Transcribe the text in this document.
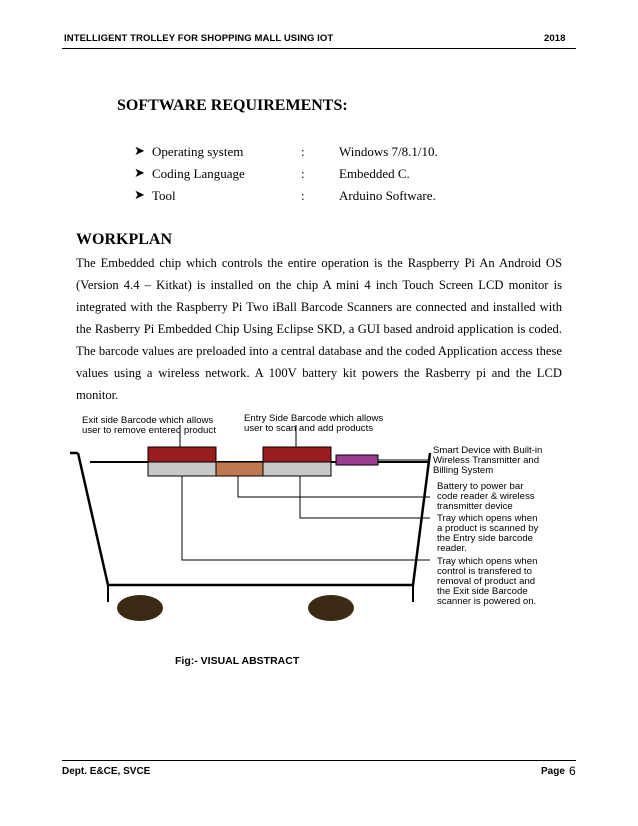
INTELLIGENT TROLLEY FOR SHOPPING MALL USING IOT	2018
SOFTWARE REQUIREMENTS:
➤ Operating system	:	Windows 7/8.1/10.
➤ Coding Language	:	Embedded C.
➤ Tool	:	Arduino Software.
WORKPLAN

The Embedded chip which controls the entire operation is the Raspberry Pi An Android OS (Version 4.4 – Kitkat) is installed on the chip A mini 4 inch Touch Screen LCD monitor is integrated with the Raspberry Pi Two iBall Barcode Scanners are connected and installed with the Rasberry Pi Embedded Chip Using Eclipse SKD, a GUI based android application is coded. The barcode values are preloaded into a central database and the coded Application access these values using a wireless network. A 100V battery kit powers the Rasberry pi and the LCD monitor.

Exit side Barcode which allows
user to remove entered product
Entry Side Barcode which allows
user to scan and add products
Smart Device with Built-in
Wireless Transmitter and
Billing System
Battery to power bar
code reader & wireless
transmitter device
Tray which opens when
a product is scanned by
the Entry side barcode
reader.
Tray which opens when
control is transfered to
removal of product and
the Exit side Barcode
scanner is powered on.
Fig:- VISUAL ABSTRACT
Dept. E&CE, SVCE	Page 6
